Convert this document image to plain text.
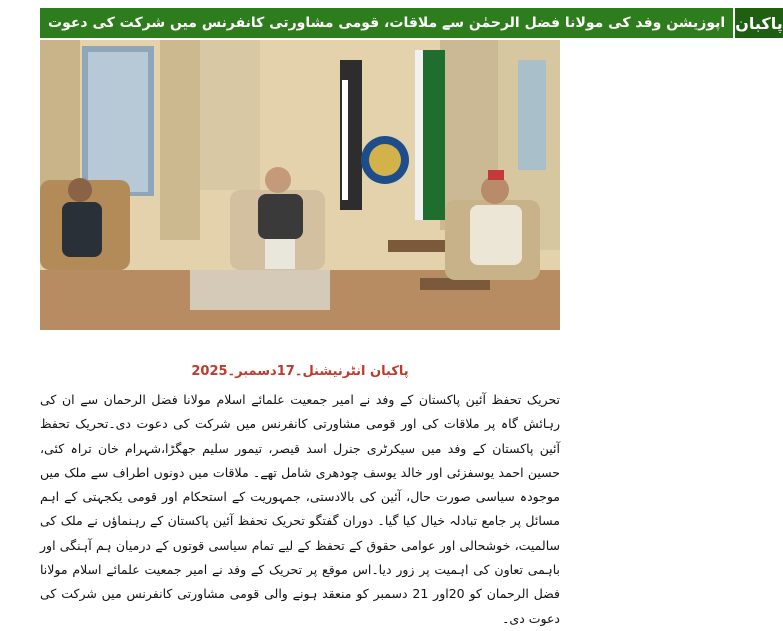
اپوزیشن وفد کی مولانا فضل الرحمٰن سے ملاقات، قومی مشاورتی کانفرنس میں شرکت کی دعوت پاکبان
پاکبان انٹرنیشنل۔17دسمبر۔2025
تحریک تحفظ آئین پاکستان کے وفد نے امیر جمعیت علمائے اسلام مولانا فضل الرحمان سے ان کی رہائش گاہ پر ملاقات کی اور قومی مشاورتی کانفرنس میں شرکت کی دعوت دی۔تحریک تحفظ آئین پاکستان کے وفد میں سیکرٹری جنرل اسد قیصر، تیمور سلیم جھگڑا،شہرام خان تراہ کئی، حسین احمد یوسفزئی اور خالد یوسف چودھری شامل تھے۔ ملاقات میں دونوں اطراف سے ملک میں موجودہ سیاسی صورت حال، آئین کی بالادستی، جمہوریت کے استحکام اور قومی یکجہتی کے اہم مسائل پر جامع تبادلہ خیال کیا گیا۔ دوران گفتگو تحریک تحفظ آئین پاکستان کے رہنماؤں نے ملک کی سالمیت، خوشحالی اور عوامی حقوق کے تحفظ کے لیے تمام سیاسی قوتوں کے درمیان ہم آہنگی اور باہمی تعاون کی اہمیت پر زور دیا۔اس موقع پر تحریک کے وفد نے امیر جمعیت علمائے اسلام مولانا فضل الرحمان کو 20اور 21 دسمبر کو منعقد ہونے والی قومی مشاورتی کانفرنس میں شرکت کی دعوت دی۔
